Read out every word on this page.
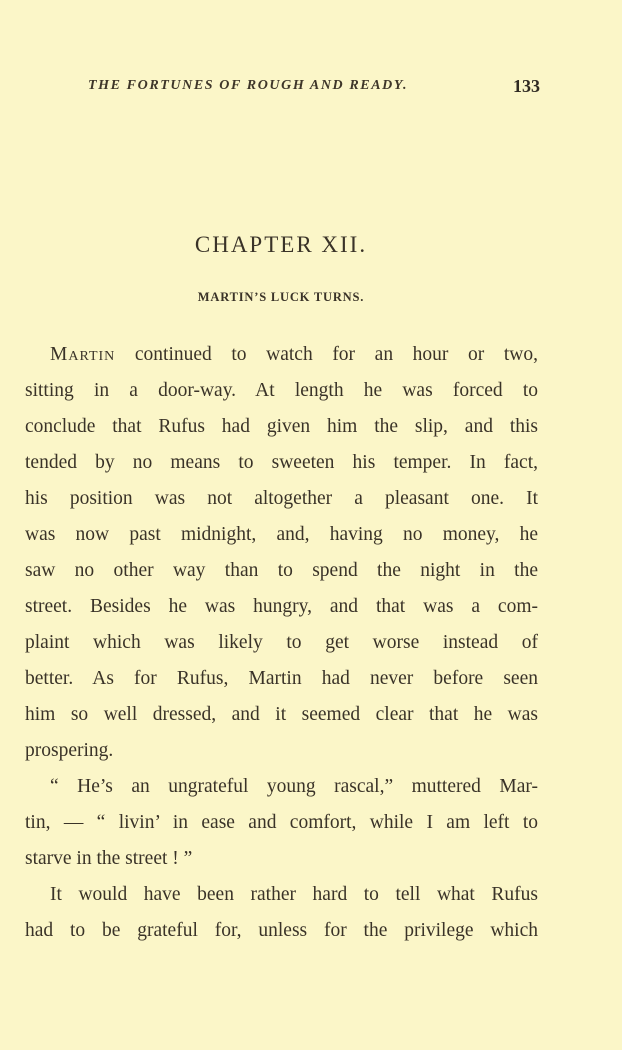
THE FORTUNES OF ROUGH AND READY.	133
CHAPTER XII.
MARTIN’S LUCK TURNS.
Martin continued to watch for an hour or two,
sitting in a door-way. At length he was forced to
conclude that Rufus had given him the slip, and this
tended by no means to sweeten his temper. In fact,
his position was not altogether a pleasant one. It
was now past midnight, and, having no money, he
saw no other way than to spend the night in the
street. Besides he was hungry, and that was a com-
plaint which was likely to get worse instead of
better. As for Rufus, Martin had never before seen
him so well dressed, and it seemed clear that he was
prospering.
“ He’s an ungrateful young rascal,” muttered Mar-
tin, — “ livin’ in ease and comfort, while I am left to
starve in the street ! ”
It would have been rather hard to tell what Rufus
had to be grateful for, unless for the privilege which
